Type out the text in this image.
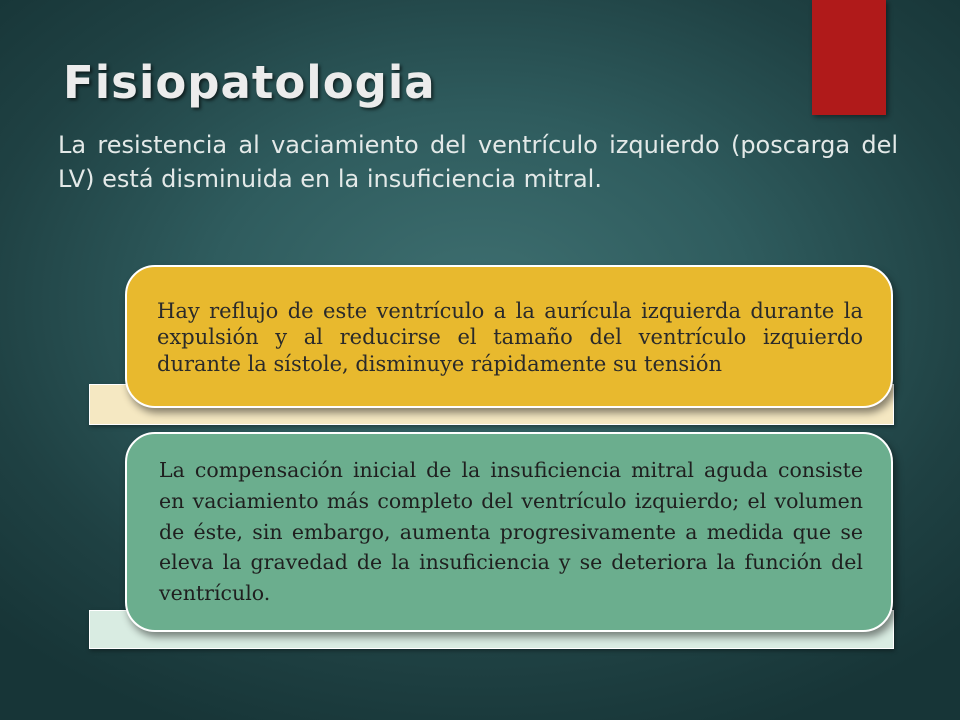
Fisiopatologia

La resistencia al vaciamiento del ventrículo izquierdo (poscarga del LV) está disminuida en la insuficiencia mitral.

Hay reflujo de este ventrículo a la aurícula izquierda durante la expulsión y al reducirse el tamaño del ventrículo izquierdo durante la sístole, disminuye rápidamente su tensión

La compensación inicial de la insuficiencia mitral aguda consiste en vaciamiento más completo del ventrículo izquierdo; el volumen de éste, sin embargo, aumenta progresivamente a medida que se eleva la gravedad de la insuficiencia y se deteriora la función del ventrículo.
